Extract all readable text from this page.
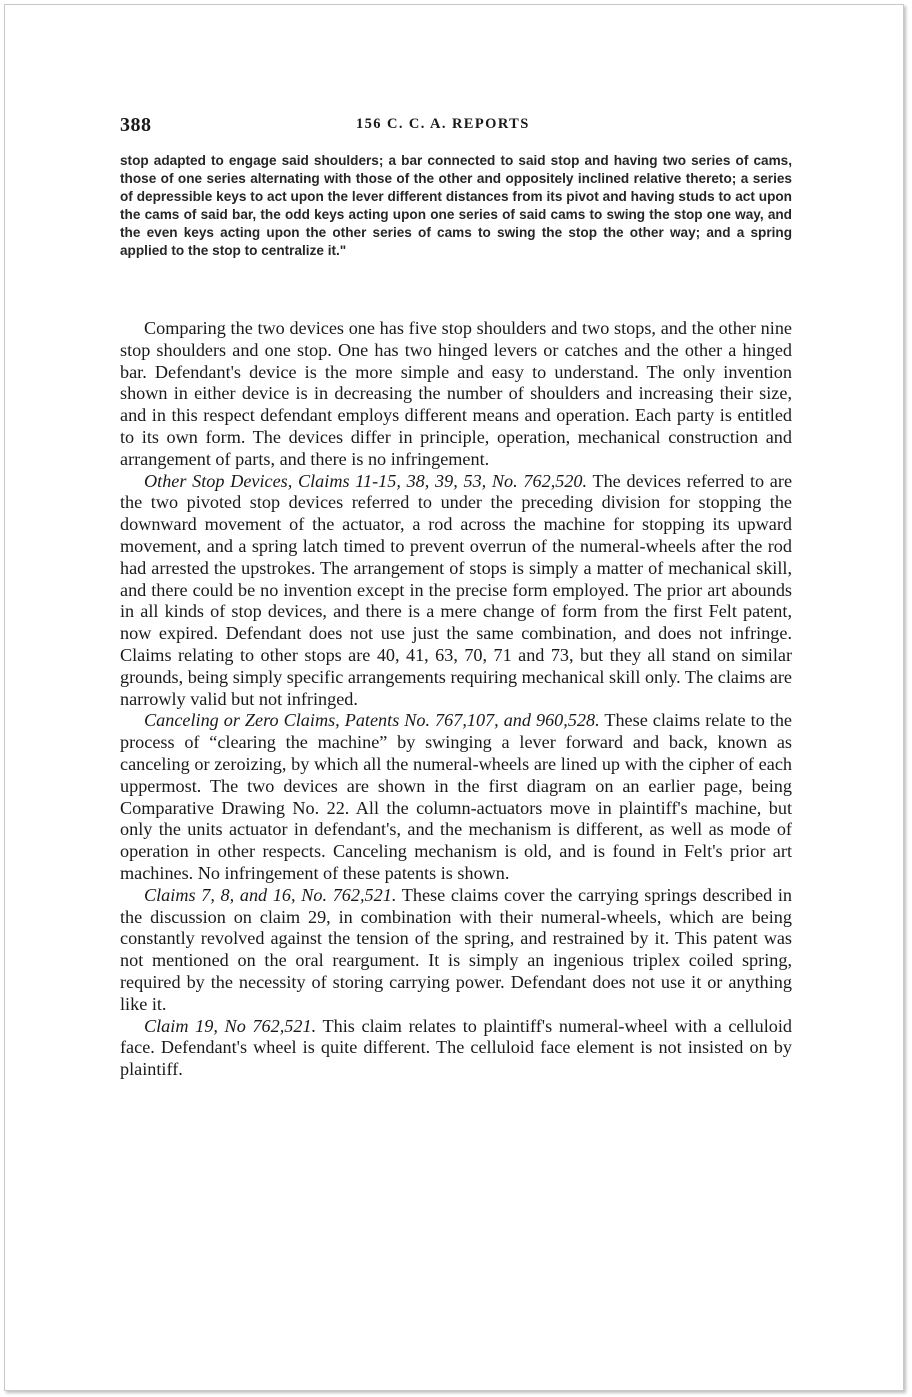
388	156 C. C. A. REPORTS
stop adapted to engage said shoulders; a bar connected to said stop and having two series of cams, those of one series alternating with those of the other and oppositely inclined relative thereto; a series of depressible keys to act upon the lever different distances from its pivot and having studs to act upon the cams of said bar, the odd keys acting upon one series of said cams to swing the stop one way, and the even keys acting upon the other series of cams to swing the stop the other way; and a spring applied to the stop to centralize it."

Comparing the two devices one has five stop shoulders and two stops, and the other nine stop shoulders and one stop. One has two hinged levers or catches and the other a hinged bar. Defendant's device is the more simple and easy to understand. The only invention shown in either device is in decreasing the number of shoulders and increasing their size, and in this respect defendant employs different means and operation. Each party is entitled to its own form. The devices differ in principle, operation, mechanical construction and arrangement of parts, and there is no infringement.

Other Stop Devices, Claims 11-15, 38, 39, 53, No. 762,520. The devices referred to are the two pivoted stop devices referred to under the preceding division for stopping the downward movement of the actuator, a rod across the machine for stopping its upward movement, and a spring latch timed to prevent overrun of the numeral-wheels after the rod had arrested the upstrokes. The arrangement of stops is simply a matter of mechanical skill, and there could be no invention except in the precise form employed. The prior art abounds in all kinds of stop devices, and there is a mere change of form from the first Felt patent, now expired. Defendant does not use just the same combination, and does not infringe. Claims relating to other stops are 40, 41, 63, 70, 71 and 73, but they all stand on similar grounds, being simply specific arrangements requiring mechanical skill only. The claims are narrowly valid but not infringed.

Canceling or Zero Claims, Patents No. 767,107, and 960,528. These claims relate to the process of “clearing the machine” by swinging a lever forward and back, known as canceling or zeroizing, by which all the numeral-wheels are lined up with the cipher of each uppermost. The two devices are shown in the first diagram on an earlier page, being Comparative Drawing No. 22. All the column-actuators move in plaintiff's machine, but only the units actuator in defendant's, and the mechanism is different, as well as mode of operation in other respects. Canceling mechanism is old, and is found in Felt's prior art machines. No infringement of these patents is shown.

Claims 7, 8, and 16, No. 762,521. These claims cover the carrying springs described in the discussion on claim 29, in combination with their numeral-wheels, which are being constantly revolved against the tension of the spring, and restrained by it. This patent was not mentioned on the oral reargument. It is simply an ingenious triplex coiled spring, required by the necessity of storing carrying power. Defendant does not use it or anything like it.

Claim 19, No 762,521. This claim relates to plaintiff's numeral-wheel with a celluloid face. Defendant's wheel is quite different. The celluloid face element is not insisted on by plaintiff.
